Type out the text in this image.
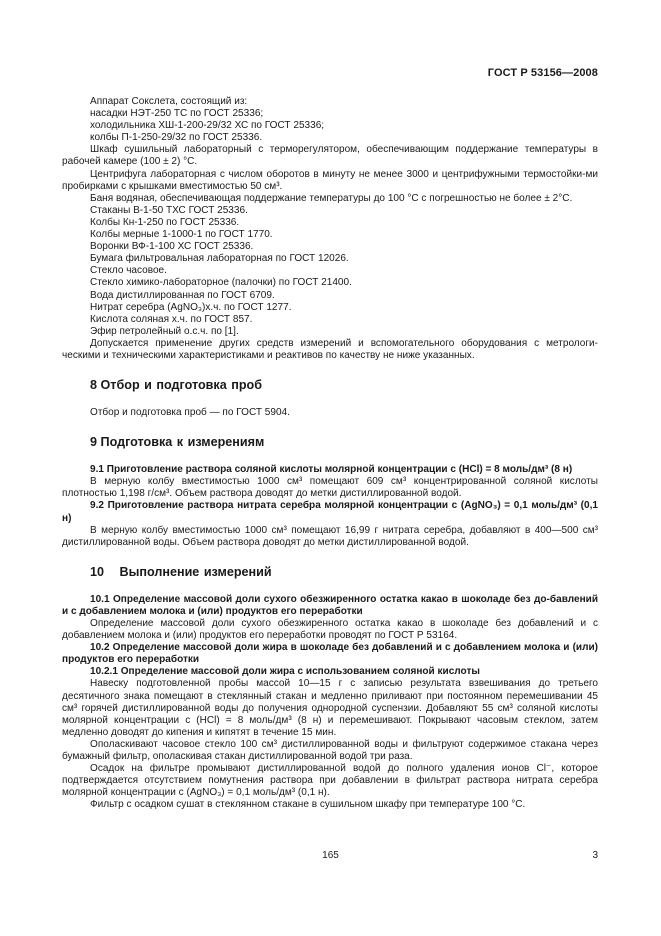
ГОСТ Р 53156—2008

Аппарат Сокслета, состоящий из:

насадки НЭТ-250 ТС по ГОСТ 25336;

холодильника ХШ-1-200-29/32 ХС по ГОСТ 25336;

колбы П-1-250-29/32 по ГОСТ 25336.

Шкаф сушильный лабораторный с терморегулятором, обеспечивающим поддержание температуры в рабочей камере (100 ± 2) °С.

Центрифуга лабораторная с числом оборотов в минуту не менее 3000 и центрифужными термостойки-ми пробирками с крышками вместимостью 50 см³.

Баня водяная, обеспечивающая поддержание температуры до 100 °С с погрешностью не более ± 2°С.

Стаканы В-1-50 ТХС ГОСТ 25336.

Колбы Кн-1-250 по ГОСТ 25336.

Колбы мерные 1-1000-1 по ГОСТ 1770.

Воронки ВФ-1-100 ХС ГОСТ 25336.

Бумага фильтровальная лабораторная по ГОСТ 12026.

Стекло часовое.

Стекло химико-лабораторное (палочки) по ГОСТ 21400.

Вода дистиллированная по ГОСТ 6709.

Нитрат серебра (AgNO₃)х.ч. по ГОСТ 1277.

Кислота соляная х.ч. по ГОСТ 857.

Эфир петролейный о.с.ч. по [1].

Допускается применение других средств измерений и вспомогательного оборудования с метрологи-ческими и техническими характеристиками и реактивов по качеству не ниже указанных.

8 Отбор и подготовка проб

Отбор и подготовка проб — по ГОСТ 5904.

9 Подготовка к измерениям

9.1 Приготовление раствора соляной кислоты молярной концентрации с (HCl) = 8 моль/дм³ (8 н)

В мерную колбу вместимостью 1000 см³ помещают 609 см³ концентрированной соляной кислоты плотностью 1,198 г/см³. Объем раствора доводят до метки дистиллированной водой.

9.2 Приготовление раствора нитрата серебра молярной концентрации с (AgNO₃) = 0,1 моль/дм³ (0,1 н)

В мерную колбу вместимостью 1000 см³ помещают 16,99 г нитрата серебра, добавляют в 400—500 см³ дистиллированной воды. Объем раствора доводят до метки дистиллированной водой.

10 Выполнение измерений

10.1 Определение массовой доли сухого обезжиренного остатка какао в шоколаде без до-бавлений и с добавлением молока и (или) продуктов его переработки

Определение массовой доли сухого обезжиренного остатка какао в шоколаде без добавлений и с добавлением молока и (или) продуктов его переработки проводят по ГОСТ Р 53164.

10.2 Определение массовой доли жира в шоколаде без добавлений и с добавлением молока и (или) продуктов его переработки

10.2.1 Определение массовой доли жира с использованием соляной кислоты

Навеску подготовленной пробы массой 10—15 г с записью результата взвешивания до третьего десятичного знака помещают в стеклянный стакан и медленно приливают при постоянном перемешивании 45 см³ горячей дистиллированной воды до получения однородной суспензии. Добавляют 55 см³ соляной кислоты молярной концентрации с (HCl) = 8 моль/дм³ (8 н) и перемешивают. Покрывают часовым стеклом, затем медленно доводят до кипения и кипятят в течение 15 мин.

Ополаскивают часовое стекло 100 см³ дистиллированной воды и фильтруют содержимое стакана через бумажный фильтр, ополаскивая стакан дистиллированной водой три раза.

Осадок на фильтре промывают дистиллированной водой до полного удаления ионов Cl⁻, которое подтверждается отсутствием помутнения раствора при добавлении в фильтрат раствора нитрата серебра молярной концентрации с (AgNO₃) = 0,1 моль/дм³ (0,1 н).

Фильтр с осадком сушат в стеклянном стакане в сушильном шкафу при температуре 100 °С.

165	3
